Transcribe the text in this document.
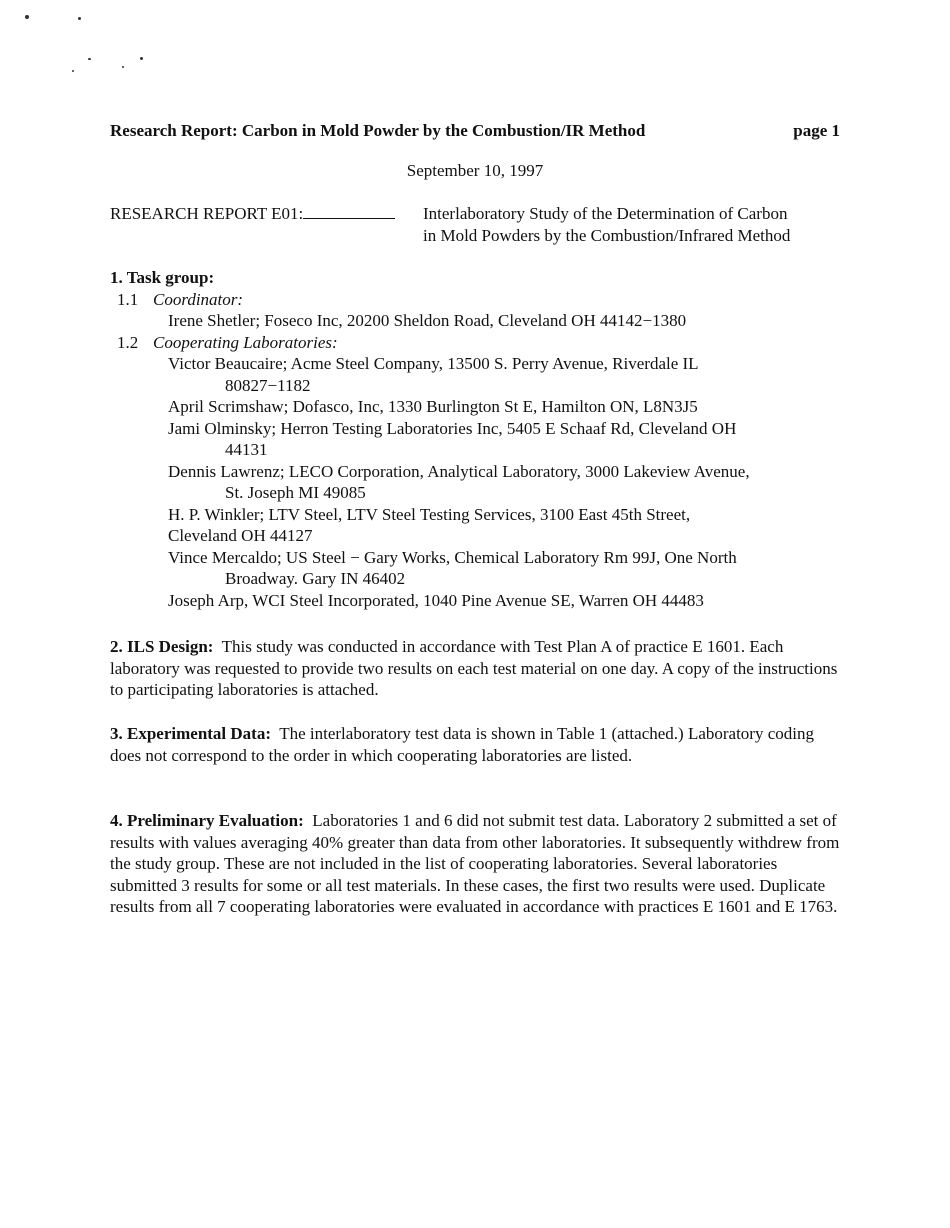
Research Report: Carbon in Mold Powder by the Combustion/IR Method	page 1
September 10, 1997
RESEARCH REPORT E01:	Interlaboratory Study of the Determination of Carbon
in Mold Powders by the Combustion/Infrared Method
1. Task group:
1.1 Coordinator:
Irene Shetler; Foseco Inc, 20200 Sheldon Road, Cleveland OH 44142−1380
1.2 Cooperating Laboratories:
Victor Beaucaire; Acme Steel Company, 13500 S. Perry Avenue, Riverdale IL
80827−1182
April Scrimshaw; Dofasco, Inc, 1330 Burlington St E, Hamilton ON, L8N3J5
Jami Olminsky; Herron Testing Laboratories Inc, 5405 E Schaaf Rd, Cleveland OH
44131
Dennis Lawrenz; LECO Corporation, Analytical Laboratory, 3000 Lakeview Avenue,
St. Joseph MI 49085
H. P. Winkler; LTV Steel, LTV Steel Testing Services, 3100 East 45th Street,
Cleveland OH 44127
Vince Mercaldo; US Steel − Gary Works, Chemical Laboratory Rm 99J, One North
Broadway. Gary IN 46402
Joseph Arp, WCI Steel Incorporated, 1040 Pine Avenue SE, Warren OH 44483
2. ILS Design: This study was conducted in accordance with Test Plan A of practice E 1601. Each laboratory was requested to provide two results on each test material on one day. A copy of the instructions to participating laboratories is attached.
3. Experimental Data: The interlaboratory test data is shown in Table 1 (attached.) Laboratory coding does not correspond to the order in which cooperating laboratories are listed.
4. Preliminary Evaluation: Laboratories 1 and 6 did not submit test data. Laboratory 2 submitted a set of results with values averaging 40% greater than data from other laboratories. It subsequently withdrew from the study group. These are not included in the list of cooperating laboratories. Several laboratories submitted 3 results for some or all test materials. In these cases, the first two results were used. Duplicate results from all 7 cooperating laboratories were evaluated in accordance with practices E 1601 and E 1763.
